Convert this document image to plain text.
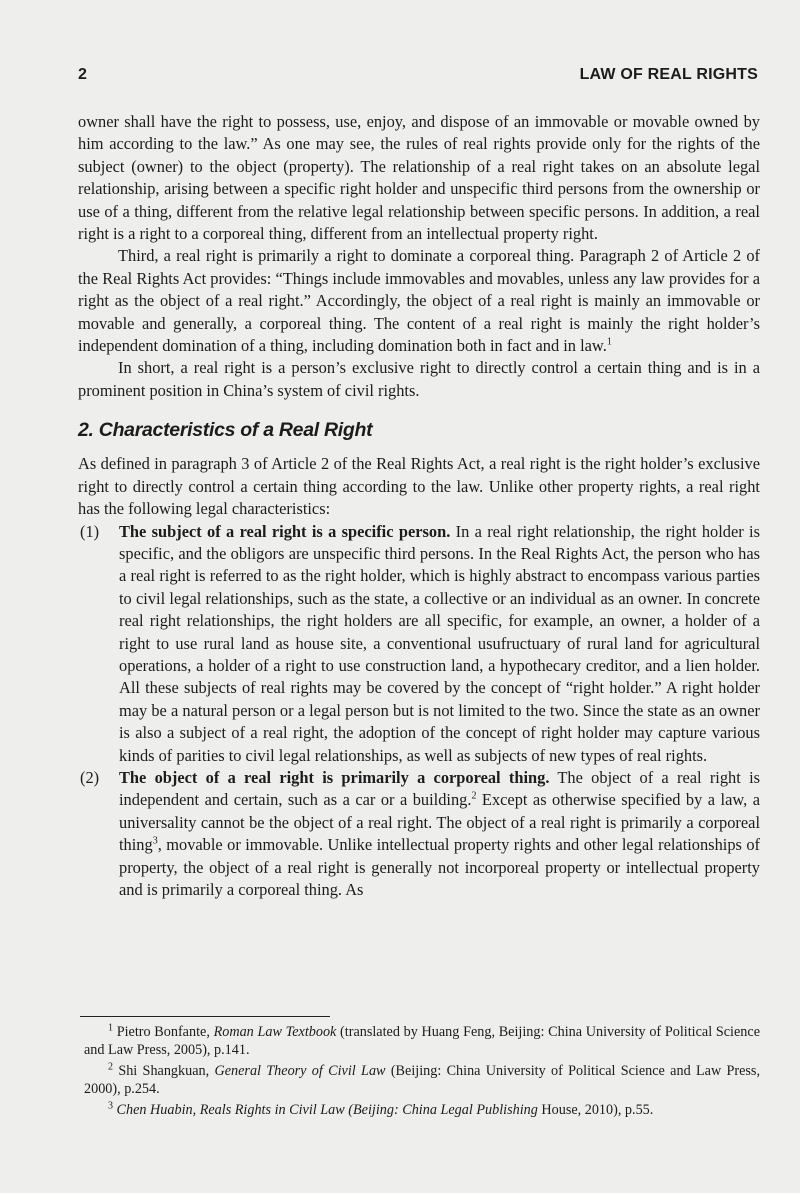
2	LAW OF REAL RIGHTS

owner shall have the right to possess, use, enjoy, and dispose of an immovable or movable owned by him according to the law.” As one may see, the rules of real rights provide only for the rights of the subject (owner) to the object (property). The relationship of a real right takes on an absolute legal relationship, arising between a specific right holder and unspecific third persons from the ownership or use of a thing, different from the relative legal relationship between specific persons. In addition, a real right is a right to a corporeal thing, different from an intellectual property right.

Third, a real right is primarily a right to dominate a corporeal thing. Paragraph 2 of Article 2 of the Real Rights Act provides: “Things include immovables and movables, unless any law provides for a right as the object of a real right.” Accordingly, the object of a real right is mainly an immovable or movable and generally, a corporeal thing. The content of a real right is mainly the right holder’s independent domination of a thing, including domination both in fact and in law.$^1$

In short, a real right is a person’s exclusive right to directly control a certain thing and is in a prominent position in China’s system of civil rights.

2. Characteristics of a Real Right

As defined in paragraph 3 of Article 2 of the Real Rights Act, a real right is the right holder’s exclusive right to directly control a certain thing according to the law. Unlike other property rights, a real right has the following legal characteristics:

(1) The subject of a real right is a specific person. In a real right relationship, the right holder is specific, and the obligors are unspecific third persons. In the Real Rights Act, the person who has a real right is referred to as the right holder, which is highly abstract to encompass various parties to civil legal relationships, such as the state, a collective or an individual as an owner. In concrete real right relationships, the right holders are all specific, for example, an owner, a holder of a right to use rural land as house site, a conventional usufructuary of rural land for agricultural operations, a holder of a right to use construction land, a hypothecary creditor, and a lien holder. All these subjects of real rights may be covered by the concept of “right holder.” A right holder may be a natural person or a legal person but is not limited to the two. Since the state as an owner is also a subject of a real right, the adoption of the concept of right holder may capture various kinds of parities to civil legal relationships, as well as subjects of new types of real rights.

(2) The object of a real right is primarily a corporeal thing. The object of a real right is independent and certain, such as a car or a building.$^2$ Except as otherwise specified by a law, a universality cannot be the object of a real right. The object of a real right is primarily a corporeal thing$^3$, movable or immovable. Unlike intellectual property rights and other legal relationships of property, the object of a real right is generally not incorporeal property or intellectual property and is primarily a corporeal thing. As

$^1$ Pietro Bonfante, Roman Law Textbook (translated by Huang Feng, Beijing: China University of Political Science and Law Press, 2005), p.141.

$^2$ Shi Shangkuan, General Theory of Civil Law (Beijing: China University of Political Science and Law Press, 2000), p.254.

$^3$ Chen Huabin, Reals Rights in Civil Law (Beijing: China Legal Publishing House, 2010), p.55.
